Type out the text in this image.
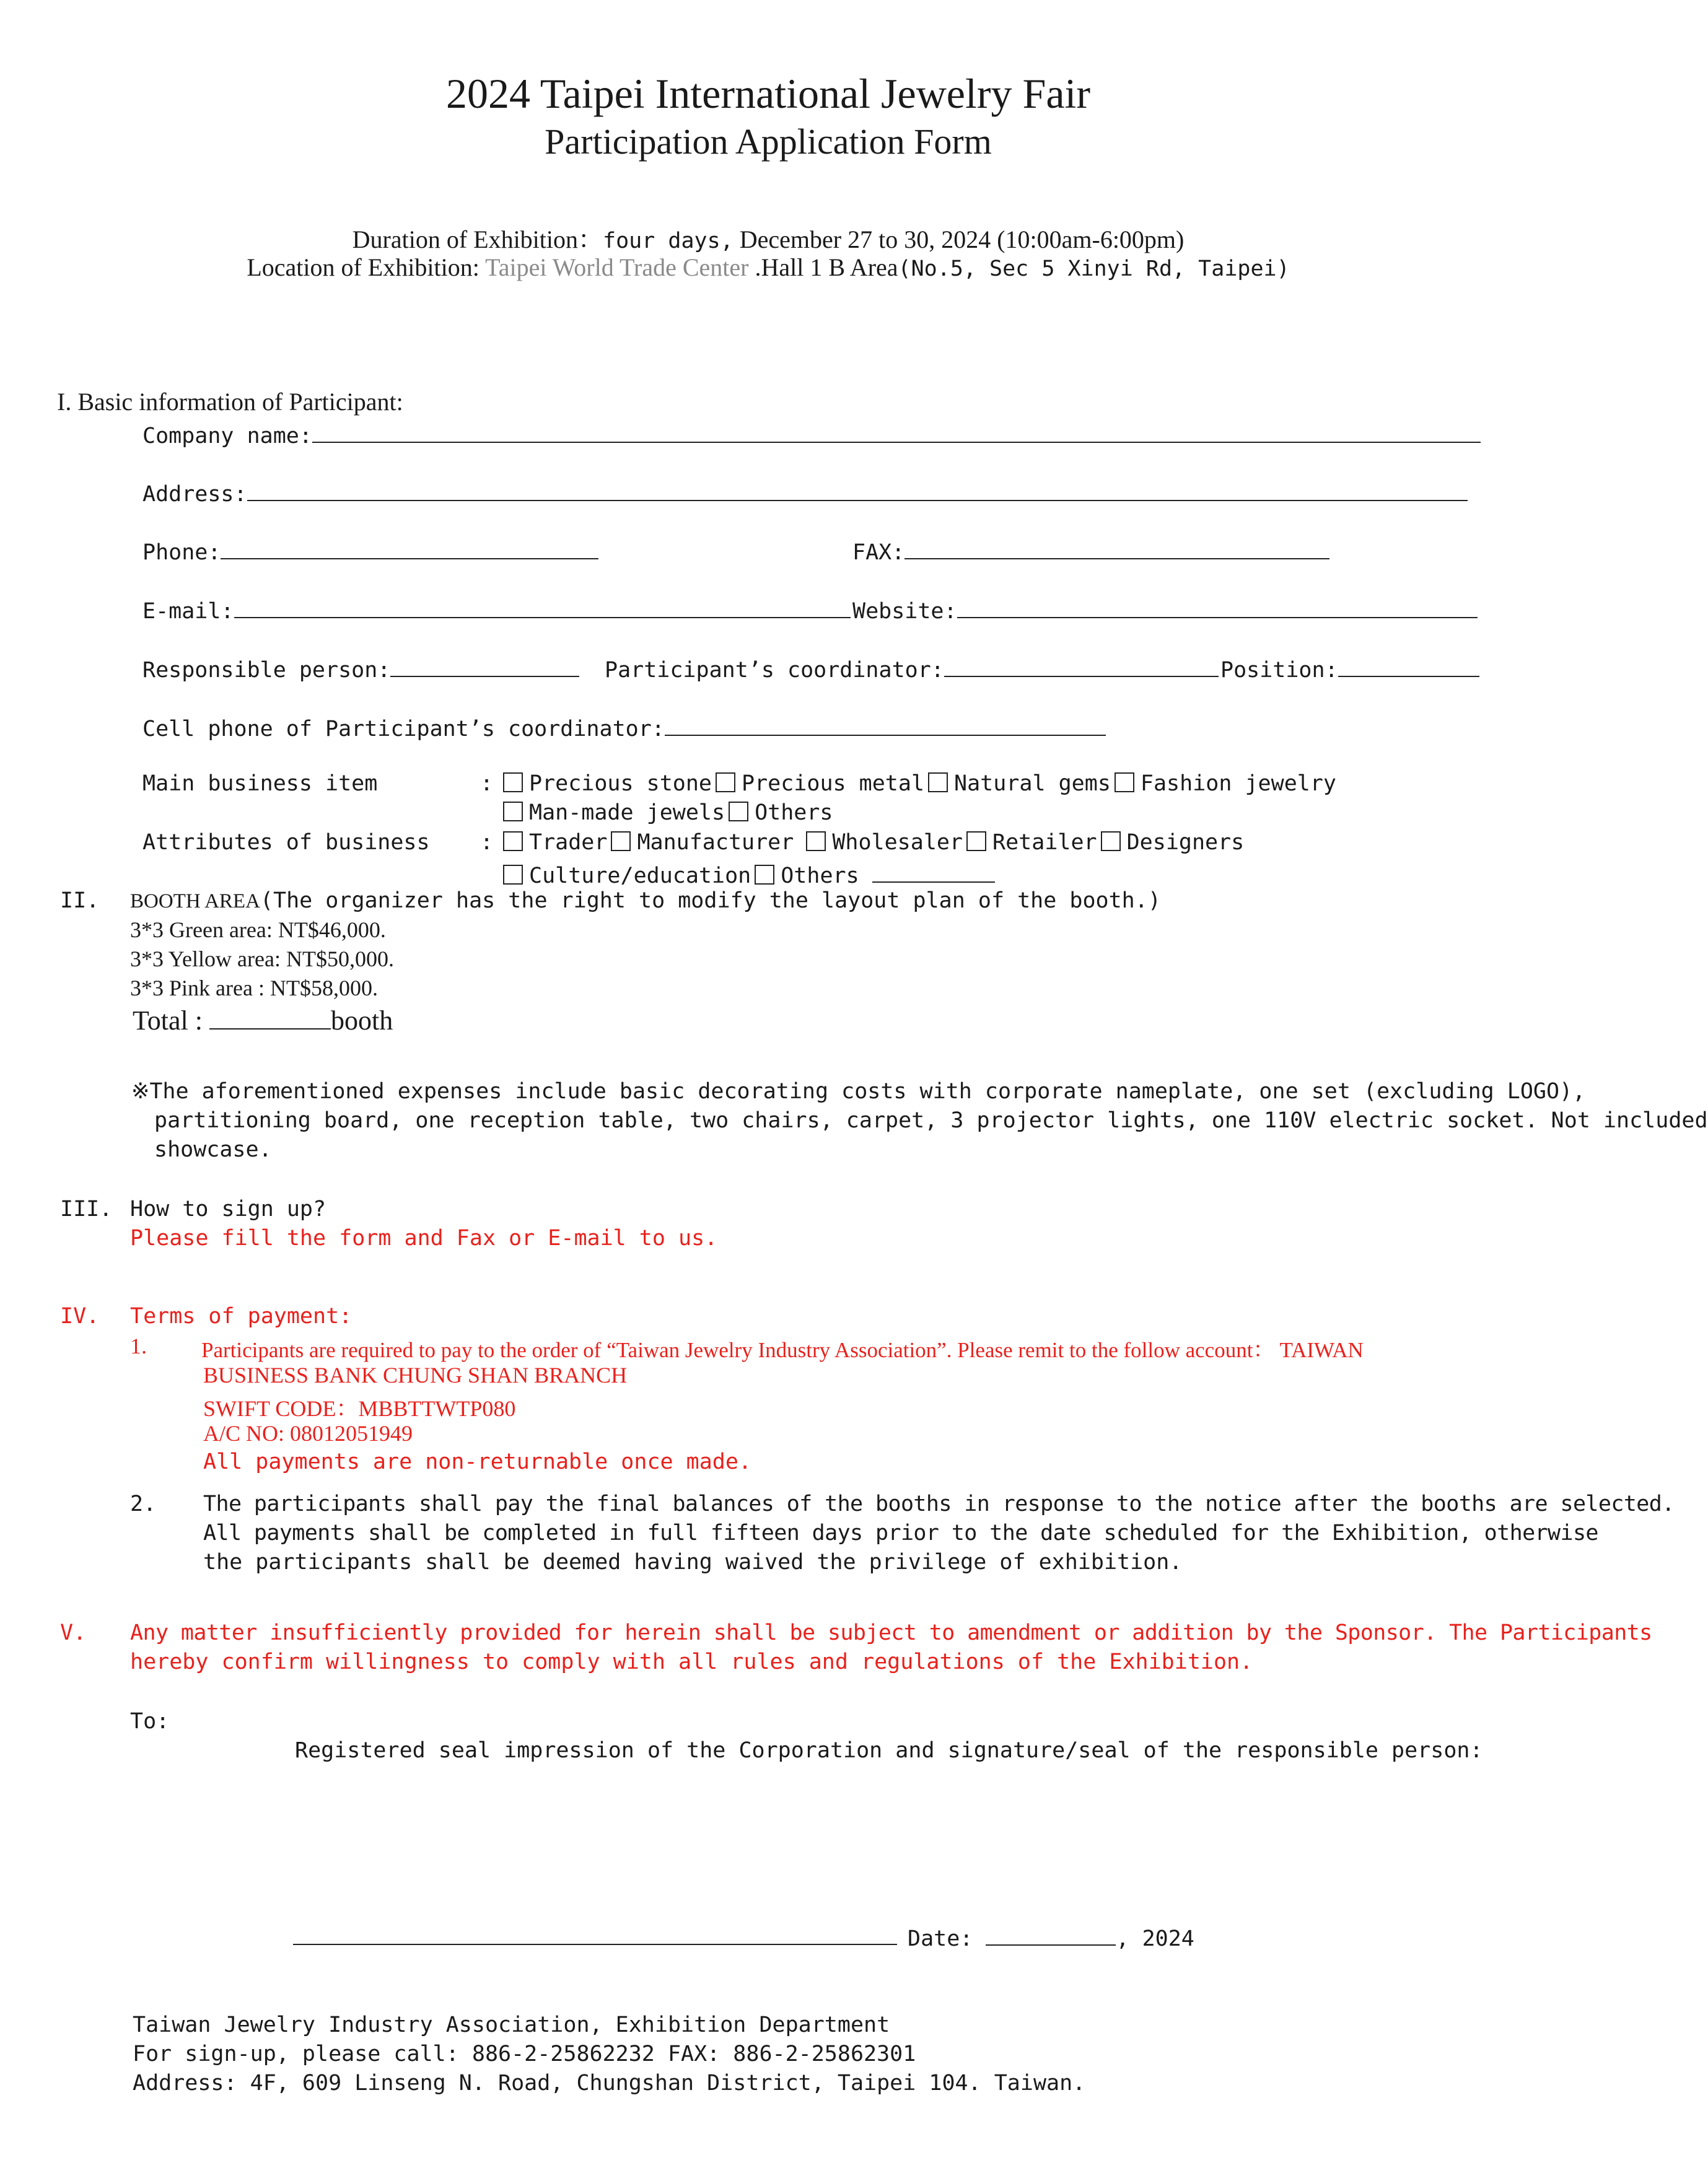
2024 Taipei International Jewelry Fair
Participation Application Form
Duration of Exhibition：four days, December 27 to 30, 2024 (10:00am-6:00pm)
Location of Exhibition: Taipei World Trade Center .Hall 1 B Area(No.5, Sec 5 Xinyi Rd, Taipei)
I. Basic information of Participant:
Company name:
Address:
Phone:	FAX:
E-mail:	Website:
Responsible person:	Participant’s coordinator:	Position:
Cell phone of Participant’s coordinator:
Main business item	:	Precious stone Precious metal Natural gems Fashion jewelry
Man-made jewels Others
Attributes of business :	Trader Manufacturer Wholesaler Retailer Designers
Culture/education Others
II. BOOTH AREA(The organizer has the right to modify the layout plan of the booth.)
3*3 Green area: NT$46,000.
3*3 Yellow area: NT$50,000.
3*3 Pink area : NT$58,000.
Total :	booth
※The aforementioned expenses include basic decorating costs with corporate nameplate, one set (excluding LOGO),
partitioning board, one reception table, two chairs, carpet, 3 projector lights, one 110V electric socket. Not included
showcase.
III. How to sign up?
Please fill the form and Fax or E-mail to us.
IV. Terms of payment:
1.	Participants are required to pay to the order of “Taiwan Jewelry Industry Association”. Please remit to the follow account： TAIWAN
BUSINESS BANK CHUNG SHAN BRANCH
SWIFT CODE：MBBTTWTP080
A/C NO: 08012051949
All payments are non-returnable once made.
2. The participants shall pay the final balances of the booths in response to the notice after the booths are selected.
All payments shall be completed in full fifteen days prior to the date scheduled for the Exhibition, otherwise
the participants shall be deemed having waived the privilege of exhibition.
V. Any matter insufficiently provided for herein shall be subject to amendment or addition by the Sponsor. The Participants
hereby confirm willingness to comply with all rules and regulations of the Exhibition.
To:
Registered seal impression of the Corporation and signature/seal of the responsible person:
Date:	, 2024
Taiwan Jewelry Industry Association, Exhibition Department
For sign-up, please call: 886-2-25862232 FAX: 886-2-25862301
Address: 4F, 609 Linseng N. Road, Chungshan District, Taipei 104. Taiwan.
